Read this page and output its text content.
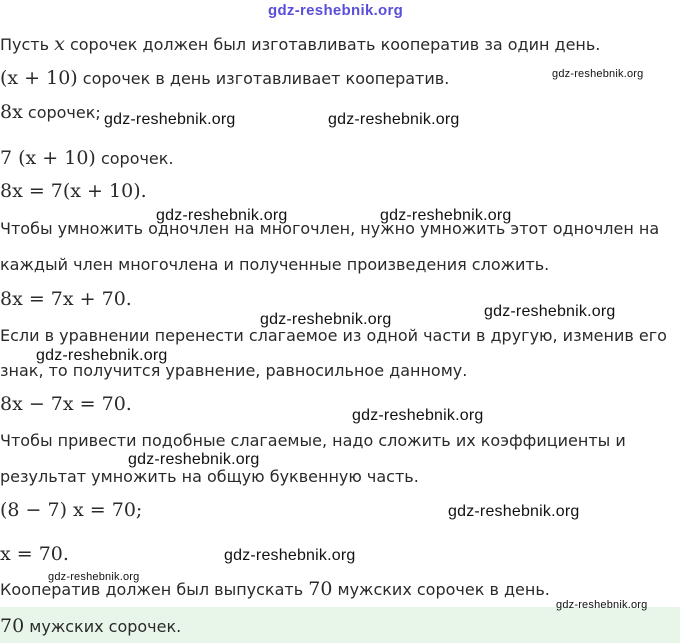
gdz-reshebnik.org
Пусть x сорочек должен был изготавливать кооператив за один день.
(x + 10) сорочек в день изготавливает кооператив.
8x сорочек;
7 (x + 10) сорочек.
8x = 7(x + 10).
Чтобы умножить одночлен на многочлен, нужно умножить этот одночлен на
каждый член многочлена и полученные произведения сложить.
8x = 7x + 70.
Если в уравнении перенести слагаемое из одной части в другую, изменив его
знак, то получится уравнение, равносильное данному.
8x − 7x = 70.
Чтобы привести подобные слагаемые, надо сложить их коэффициенты и
результат умножить на общую буквенную часть.
(8 − 7) x = 70;
x = 70.
Кооператив должен был выпускать 70 мужских сорочек в день.
70 мужских сорочек.
gdz-reshebnik.org
gdz-reshebnik.org	gdz-reshebnik.org
gdz-reshebnik.org	gdz-reshebnik.org
gdz-reshebnik.org
gdz-reshebnik.org
gdz-reshebnik.org
gdz-reshebnik.org
gdz-reshebnik.org
gdz-reshebnik.org
gdz-reshebnik.org
gdz-reshebnik.org
gdz-reshebnik.org
